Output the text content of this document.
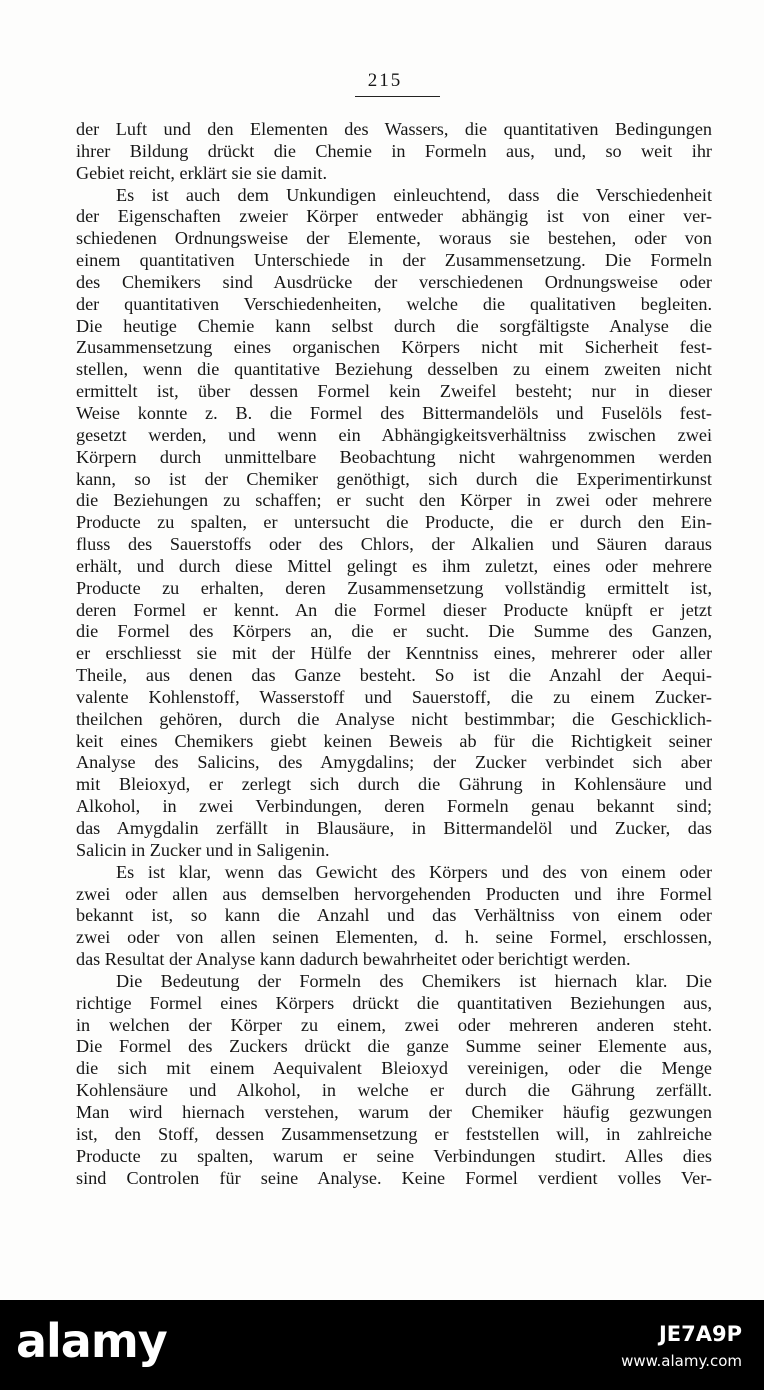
215
der Luft und den Elementen des Wassers, die quantitativen Bedingungen
ihrer Bildung drückt die Chemie in Formeln aus, und, so weit ihr
Gebiet reicht, erklärt sie sie damit.
Es ist auch dem Unkundigen einleuchtend, dass die Verschiedenheit
der Eigenschaften zweier Körper entweder abhängig ist von einer ver-
schiedenen Ordnungsweise der Elemente, woraus sie bestehen, oder von
einem quantitativen Unterschiede in der Zusammensetzung. Die Formeln
des Chemikers sind Ausdrücke der verschiedenen Ordnungsweise oder
der quantitativen Verschiedenheiten, welche die qualitativen begleiten.
Die heutige Chemie kann selbst durch die sorgfältigste Analyse die
Zusammensetzung eines organischen Körpers nicht mit Sicherheit fest-
stellen, wenn die quantitative Beziehung desselben zu einem zweiten nicht
ermittelt ist, über dessen Formel kein Zweifel besteht; nur in dieser
Weise konnte z. B. die Formel des Bittermandelöls und Fuselöls fest-
gesetzt werden, und wenn ein Abhängigkeitsverhältniss zwischen zwei
Körpern durch unmittelbare Beobachtung nicht wahrgenommen werden
kann, so ist der Chemiker genöthigt, sich durch die Experimentirkunst
die Beziehungen zu schaffen; er sucht den Körper in zwei oder mehrere
Producte zu spalten, er untersucht die Producte, die er durch den Ein-
fluss des Sauerstoffs oder des Chlors, der Alkalien und Säuren daraus
erhält, und durch diese Mittel gelingt es ihm zuletzt, eines oder mehrere
Producte zu erhalten, deren Zusammensetzung vollständig ermittelt ist,
deren Formel er kennt. An die Formel dieser Producte knüpft er jetzt
die Formel des Körpers an, die er sucht. Die Summe des Ganzen,
er erschliesst sie mit der Hülfe der Kenntniss eines, mehrerer oder aller
Theile, aus denen das Ganze besteht. So ist die Anzahl der Aequi-
valente Kohlenstoff, Wasserstoff und Sauerstoff, die zu einem Zucker-
theilchen gehören, durch die Analyse nicht bestimmbar; die Geschicklich-
keit eines Chemikers giebt keinen Beweis ab für die Richtigkeit seiner
Analyse des Salicins, des Amygdalins; der Zucker verbindet sich aber
mit Bleioxyd, er zerlegt sich durch die Gährung in Kohlensäure und
Alkohol, in zwei Verbindungen, deren Formeln genau bekannt sind;
das Amygdalin zerfällt in Blausäure, in Bittermandelöl und Zucker, das
Salicin in Zucker und in Saligenin.
Es ist klar, wenn das Gewicht des Körpers und des von einem oder
zwei oder allen aus demselben hervorgehenden Producten und ihre Formel
bekannt ist, so kann die Anzahl und das Verhältniss von einem oder
zwei oder von allen seinen Elementen, d. h. seine Formel, erschlossen,
das Resultat der Analyse kann dadurch bewahrheitet oder berichtigt werden.
Die Bedeutung der Formeln des Chemikers ist hiernach klar. Die
richtige Formel eines Körpers drückt die quantitativen Beziehungen aus,
in welchen der Körper zu einem, zwei oder mehreren anderen steht.
Die Formel des Zuckers drückt die ganze Summe seiner Elemente aus,
die sich mit einem Aequivalent Bleioxyd vereinigen, oder die Menge
Kohlensäure und Alkohol, in welche er durch die Gährung zerfällt.
Man wird hiernach verstehen, warum der Chemiker häufig gezwungen
ist, den Stoff, dessen Zusammensetzung er feststellen will, in zahlreiche
Producte zu spalten, warum er seine Verbindungen studirt. Alles dies
sind Controlen für seine Analyse. Keine Formel verdient volles Ver-
alamy	JE7A9P
www.alamy.com
